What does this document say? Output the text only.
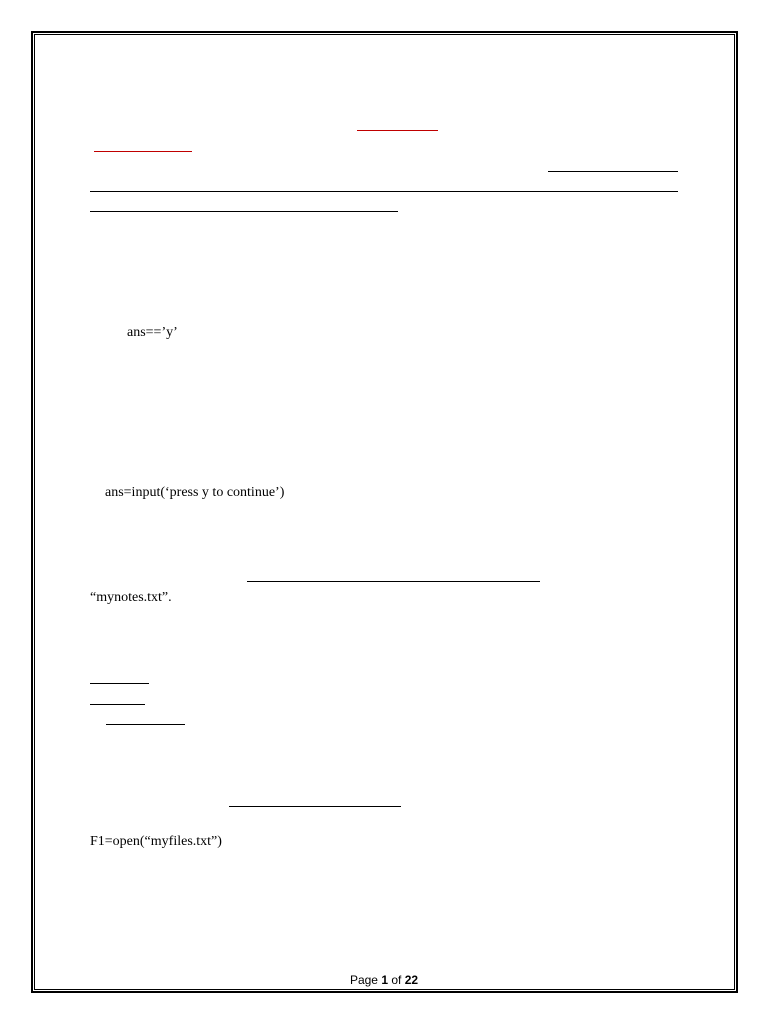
ans==’y’
ans=input(‘press y to continue’)
“mynotes.txt”.
F1=open(“myfiles.txt”)
Page 1 of 22
